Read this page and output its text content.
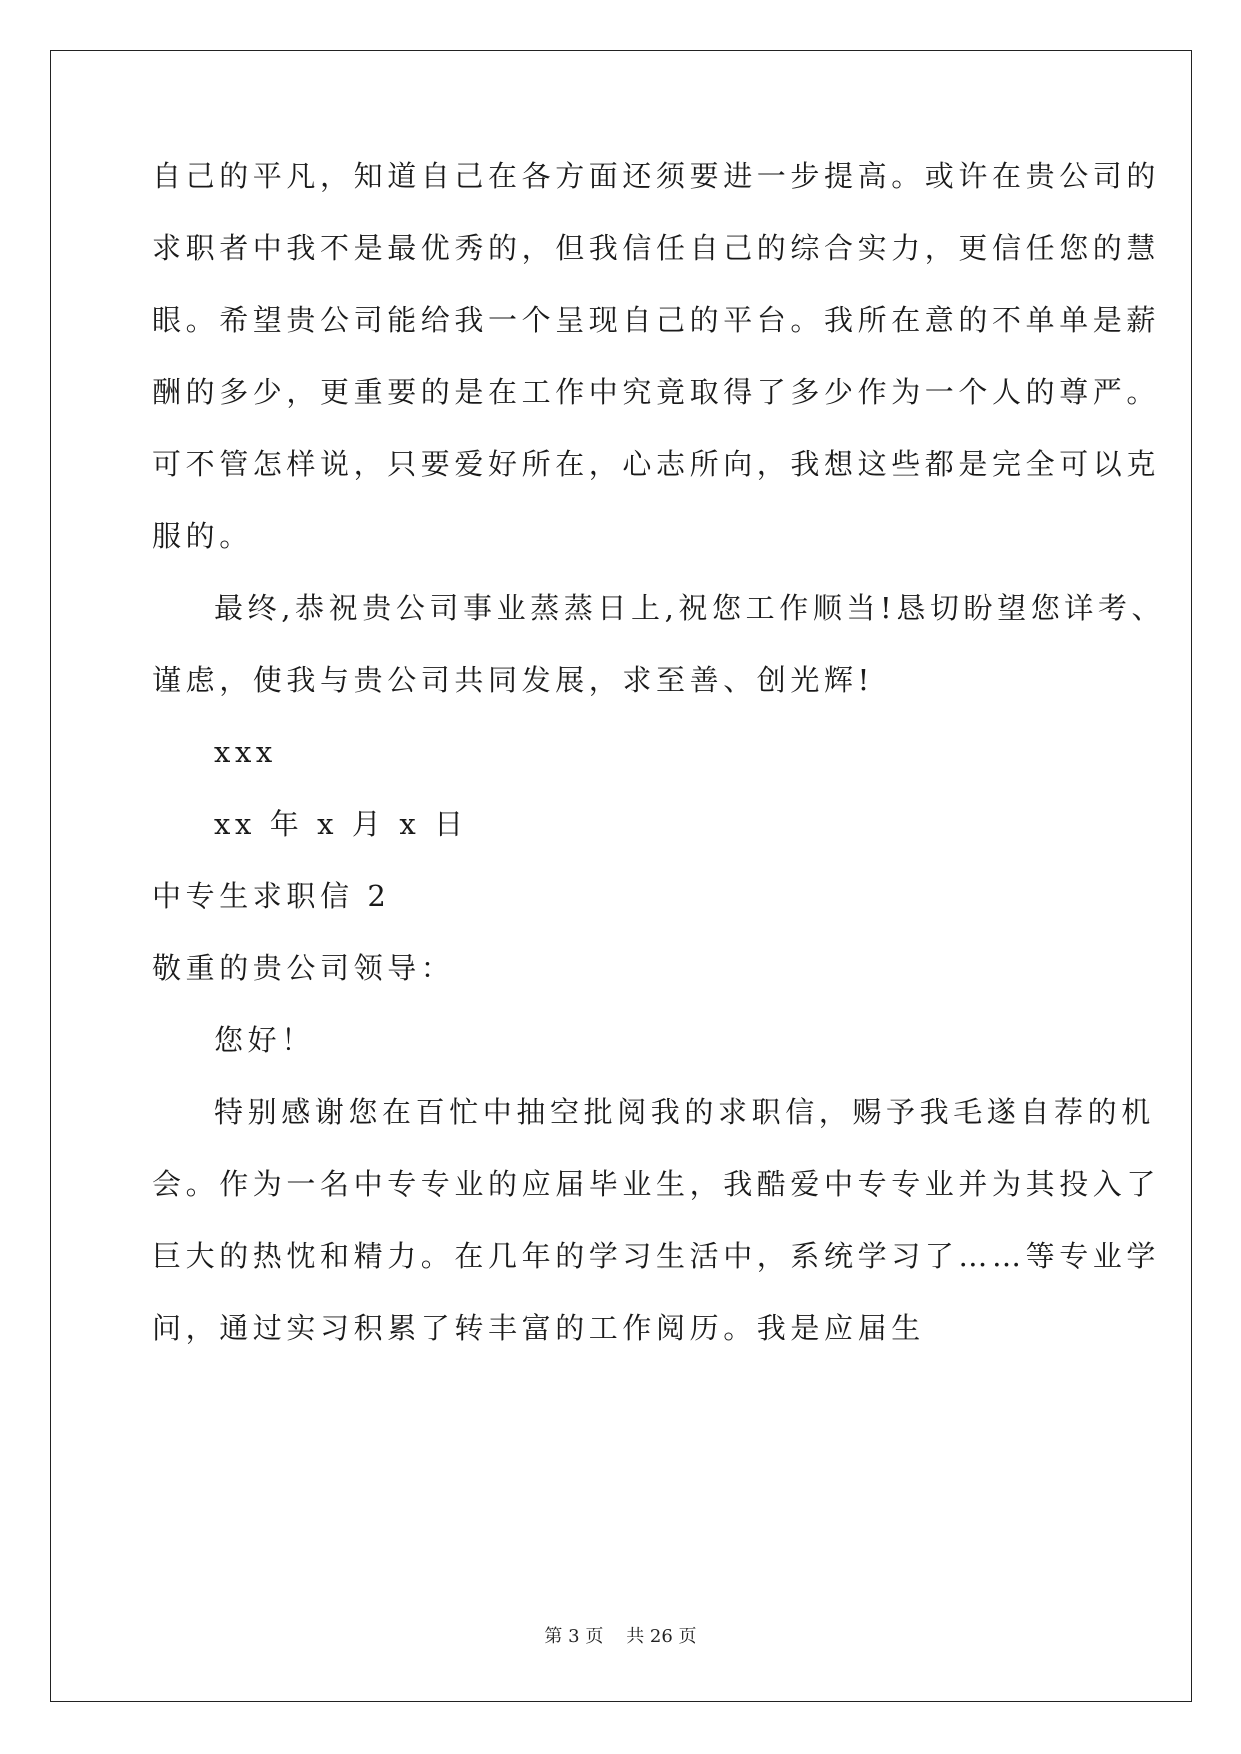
自己的平凡，知道自己在各方面还须要进一步提高。或许在贵公司的
求职者中我不是最优秀的，但我信任自己的综合实力，更信任您的慧
眼。希望贵公司能给我一个呈现自己的平台。我所在意的不单单是薪
酬的多少，更重要的是在工作中究竟取得了多少作为一个人的尊严。
可不管怎样说，只要爱好所在，心志所向，我想这些都是完全可以克
服的。
最终,恭祝贵公司事业蒸蒸日上,祝您工作顺当!恳切盼望您详考、
谨虑，使我与贵公司共同发展，求至善、创光辉!
xxx
xx 年 x 月 x 日
中专生求职信 2
敬重的贵公司领导：
您好！
特别感谢您在百忙中抽空批阅我的求职信，赐予我毛遂自荐的机
会。作为一名中专专业的应届毕业生，我酷爱中专专业并为其投入了
巨大的热忱和精力。在几年的学习生活中，系统学习了……等专业学
问，通过实习积累了转丰富的工作阅历。我是应届生
第 3 页    共 26 页
